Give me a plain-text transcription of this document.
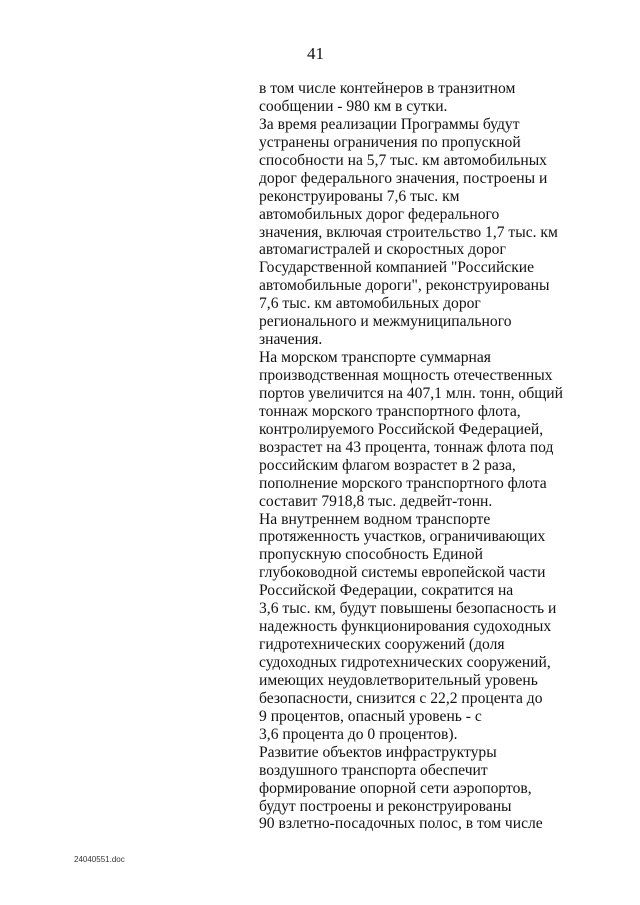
41
в том числе контейнеров в транзитном
сообщении - 980 км в сутки.
За время реализации Программы будут
устранены ограничения по пропускной
способности на 5,7 тыс. км автомобильных
дорог федерального значения, построены и
реконструированы 7,6 тыс. км
автомобильных дорог федерального
значения, включая строительство 1,7 тыс. км
автомагистралей и скоростных дорог
Государственной компанией "Российские
автомобильные дороги", реконструированы
7,6 тыс. км автомобильных дорог
регионального и межмуниципального
значения.
На морском транспорте суммарная
производственная мощность отечественных
портов увеличится на 407,1 млн. тонн, общий
тоннаж морского транспортного флота,
контролируемого Российской Федерацией,
возрастет на 43 процента, тоннаж флота под
российским флагом возрастет в 2 раза,
пополнение морского транспортного флота
составит 7918,8 тыс. дедвейт-тонн.
На внутреннем водном транспорте
протяженность участков, ограничивающих
пропускную способность Единой
глубоководной системы европейской части
Российской Федерации, сократится на
3,6 тыс. км, будут повышены безопасность и
надежность функционирования судоходных
гидротехнических сооружений (доля
судоходных гидротехнических сооружений,
имеющих неудовлетворительный уровень
безопасности, снизится с 22,2 процента до
9 процентов, опасный уровень - с
3,6 процента до 0 процентов).
Развитие объектов инфраструктуры
воздушного транспорта обеспечит
формирование опорной сети аэропортов,
будут построены и реконструированы
90 взлетно-посадочных полос, в том числе
24040551.doc
